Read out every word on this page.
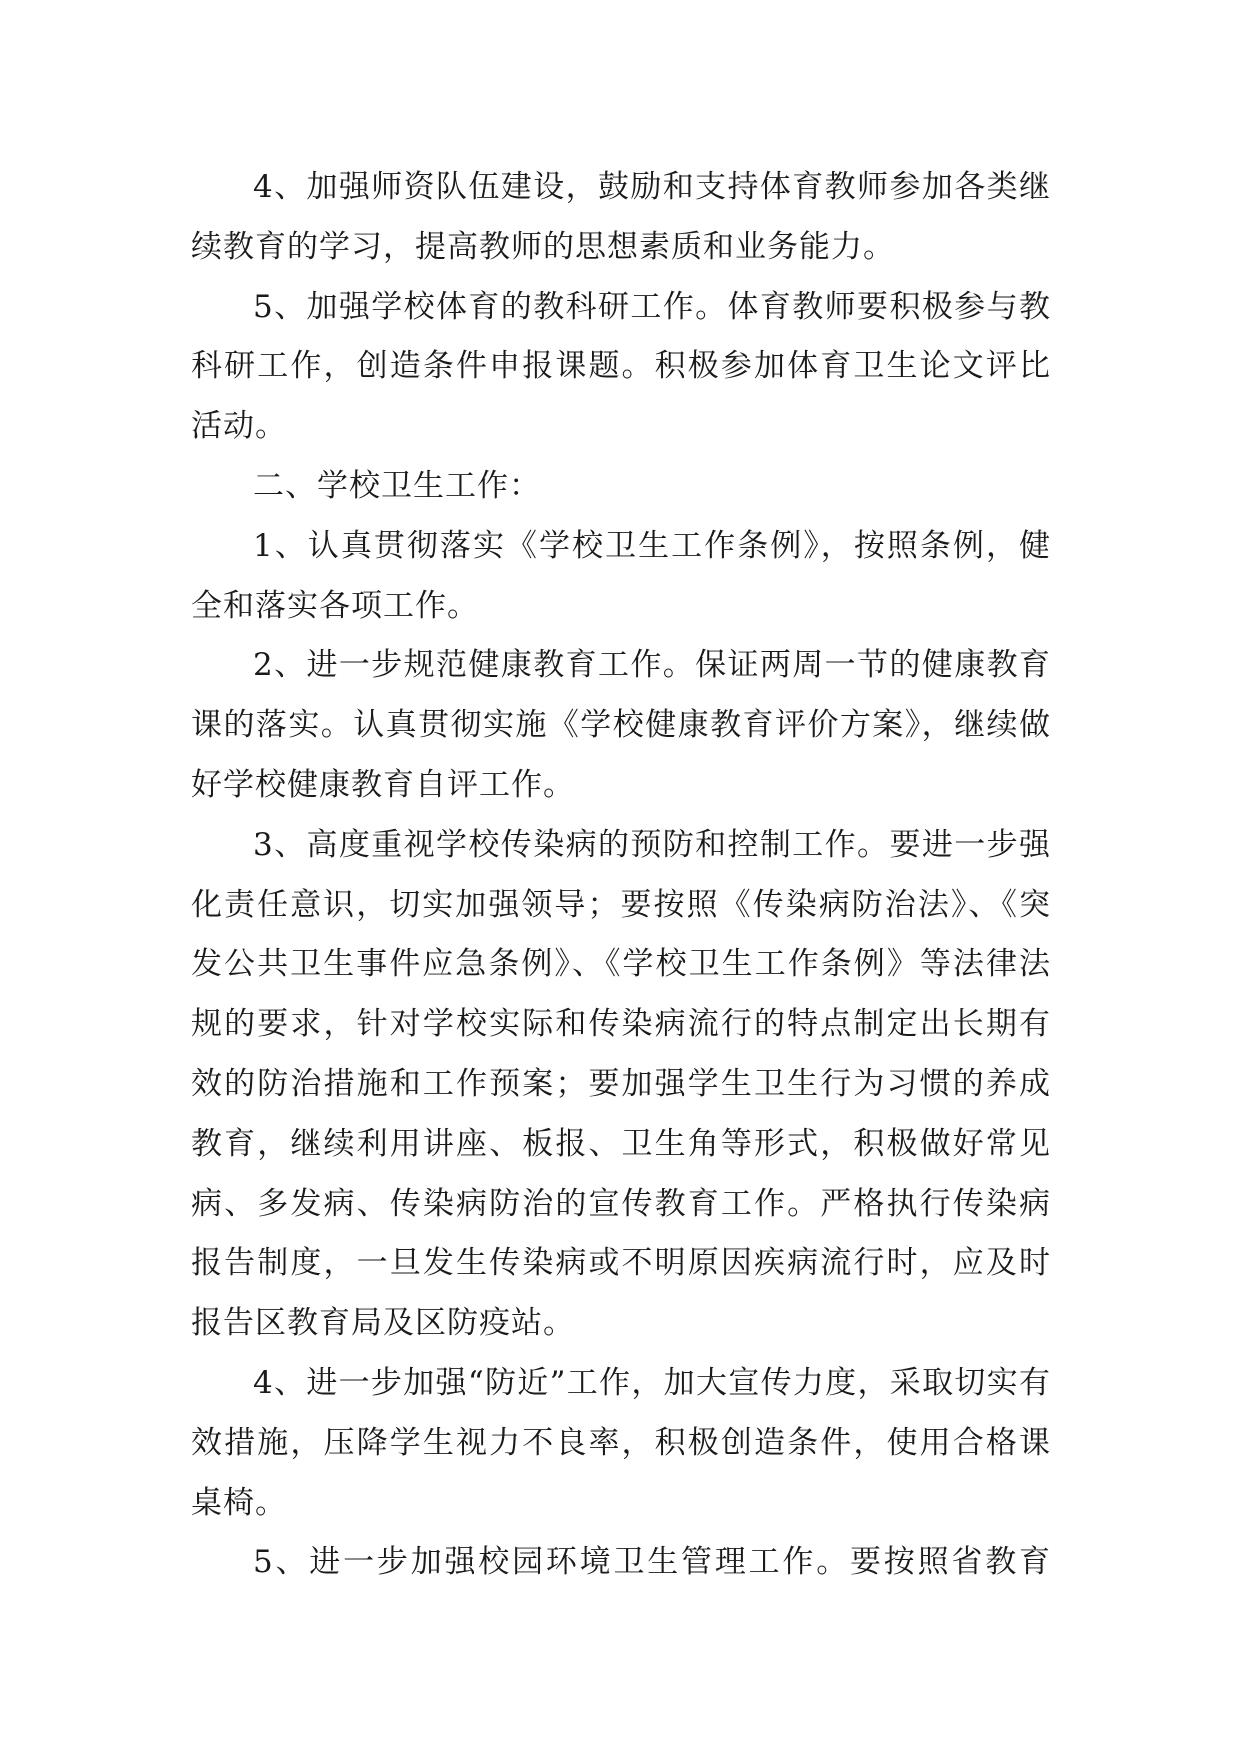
4、加强师资队伍建设，鼓励和支持体育教师参加各类继续教育的学习，提高教师的思想素质和业务能力。

5、加强学校体育的教科研工作。体育教师要积极参与教科研工作，创造条件申报课题。积极参加体育卫生论文评比活动。

二、学校卫生工作：

1、认真贯彻落实《学校卫生工作条例》，按照条例，健全和落实各项工作。

2、进一步规范健康教育工作。保证两周一节的健康教育课的落实。认真贯彻实施《学校健康教育评价方案》，继续做好学校健康教育自评工作。

3、高度重视学校传染病的预防和控制工作。要进一步强化责任意识，切实加强领导；要按照《传染病防治法》、《突发公共卫生事件应急条例》、《学校卫生工作条例》等法律法规的要求，针对学校实际和传染病流行的特点制定出长期有效的防治措施和工作预案；要加强学生卫生行为习惯的养成教育，继续利用讲座、板报、卫生角等形式，积极做好常见病、多发病、传染病防治的宣传教育工作。严格执行传染病报告制度，一旦发生传染病或不明原因疾病流行时，应及时报告区教育局及区防疫站。

4、进一步加强“防近”工作，加大宣传力度，采取切实有效措施，压降学生视力不良率，积极创造条件，使用合格课桌椅。

5、进一步加强校园环境卫生管理工作。要按照省教育
